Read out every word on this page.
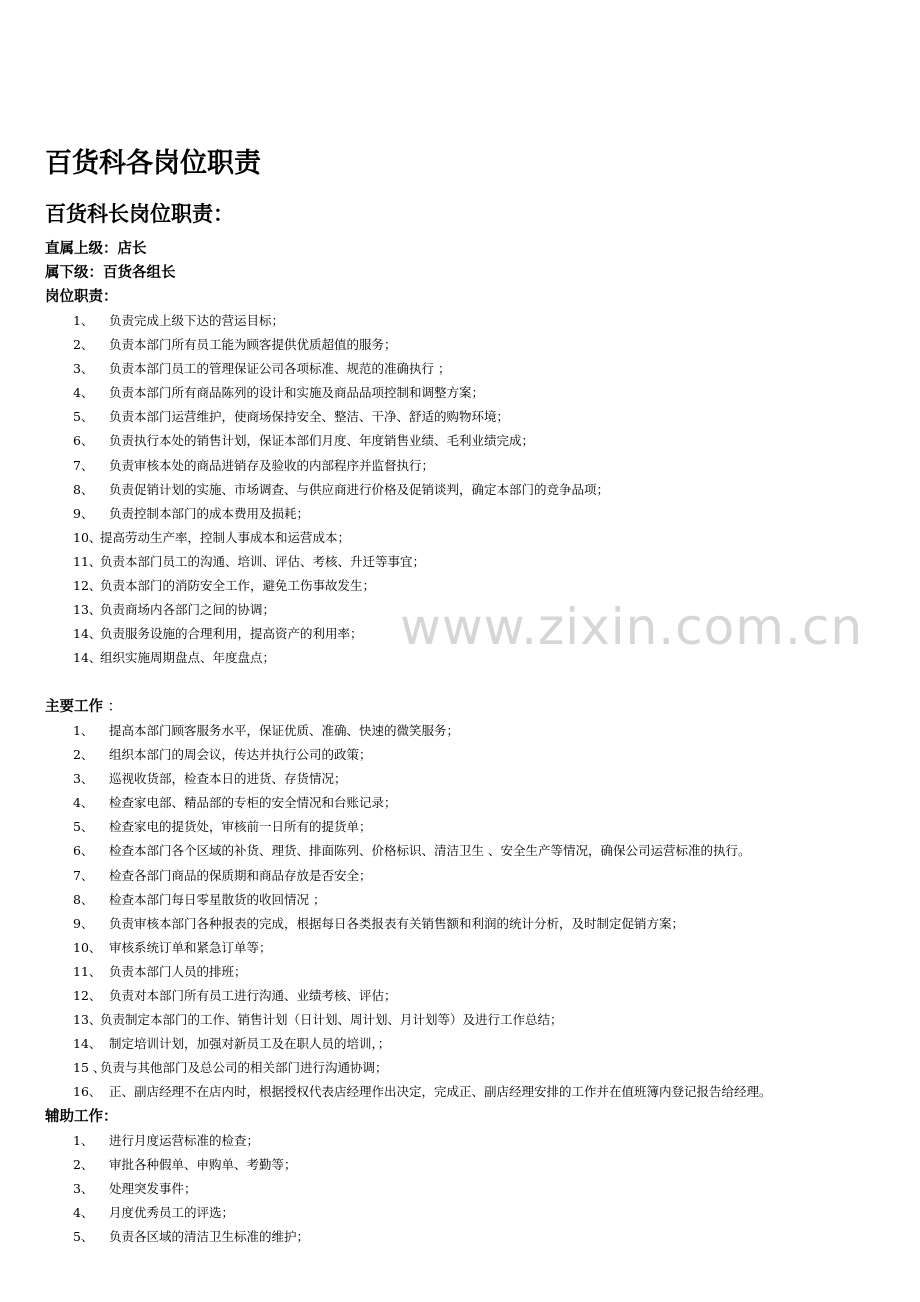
百货科各岗位职责
百货科长岗位职责：
直属上级：店长
属下级：百货各组长
岗位职责：
1、 负责完成上级下达的营运目标；
2、 负责本部门所有员工能为顾客提供优质超值的服务；
3、 负责本部门员工的管理保证公司各项标准、规范的准确执行 ；
4、 负责本部门所有商品陈列的设计和实施及商品品项控制和调整方案；
5、 负责本部门运营维护，使商场保持安全、整洁、干净、舒适的购物环境；
6、 负责执行本处的销售计划，保证本部们月度、年度销售业绩、毛利业绩完成；
7、 负责审核本处的商品进销存及验收的内部程序并监督执行；
8、 负责促销计划的实施、市场调查、与供应商进行价格及促销谈判，确定本部门的竞争品项；
9、 负责控制本部门的成本费用及损耗；
10、
提高劳动生产率，控制人事成本和运营成本；
11、
负责本部门员工的沟通、培训、评估、考核、升迁等事宜；
12、
负责本部门的消防安全工作，避免工伤事故发生；
13、
负责商场内各部门之间的协调；
14、
负责服务设施的合理利用，提高资产的利用率；
14、
组织实施周期盘点、年度盘点；
主要工作 ：
1、 提高本部门顾客服务水平，保证优质、准确、快速的微笑服务；
2、 组织本部门的周会议，传达并执行公司的政策；
3、 巡视收货部，检查本日的进货、存货情况；
4、 检查家电部、精品部的专柜的安全情况和台账记录；
5、 检查家电的提货处，审核前一日所有的提货单；
6、 检查本部门各个区域的补货、理货、排面陈列、价格标识、清洁卫生 、安全生产等情况，确保公司运营标准的执行。
7、 检查各部门商品的保质期和商品存放是否安全；
8、 检查本部门每日零星散货的收回情况 ；
9、 负责审核本部门各种报表的完成，根据每日各类报表有关销售额和利润的统计分析，及时制定促销方案；
10、 审核系统订单和紧急订单等；
11、 负责本部门人员的排班；
12、 负责对本部门所有员工进行沟通、业绩考核、评估；
13、
负责制定本部门的工作、销售计划（日计划、周计划、月计划等）及进行工作总结；
14、 制定培训计划，加强对新员工及在职人员的培训，；
15 、
负责与其他部门及总公司的相关部门进行沟通协调；
16、 正、副店经理不在店内时，根据授权代表店经理作出决定，完成正、副店经理安排的工作并在值班簿内登记报告给经理。
辅助工作：
1、 进行月度运营标准的检查；
2、 审批各种假单、申购单、考勤等；
3、 处理突发事件；
4、 月度优秀员工的评选；
5、 负责各区域的清洁卫生标准的维护；
www.zixin.com.cn
